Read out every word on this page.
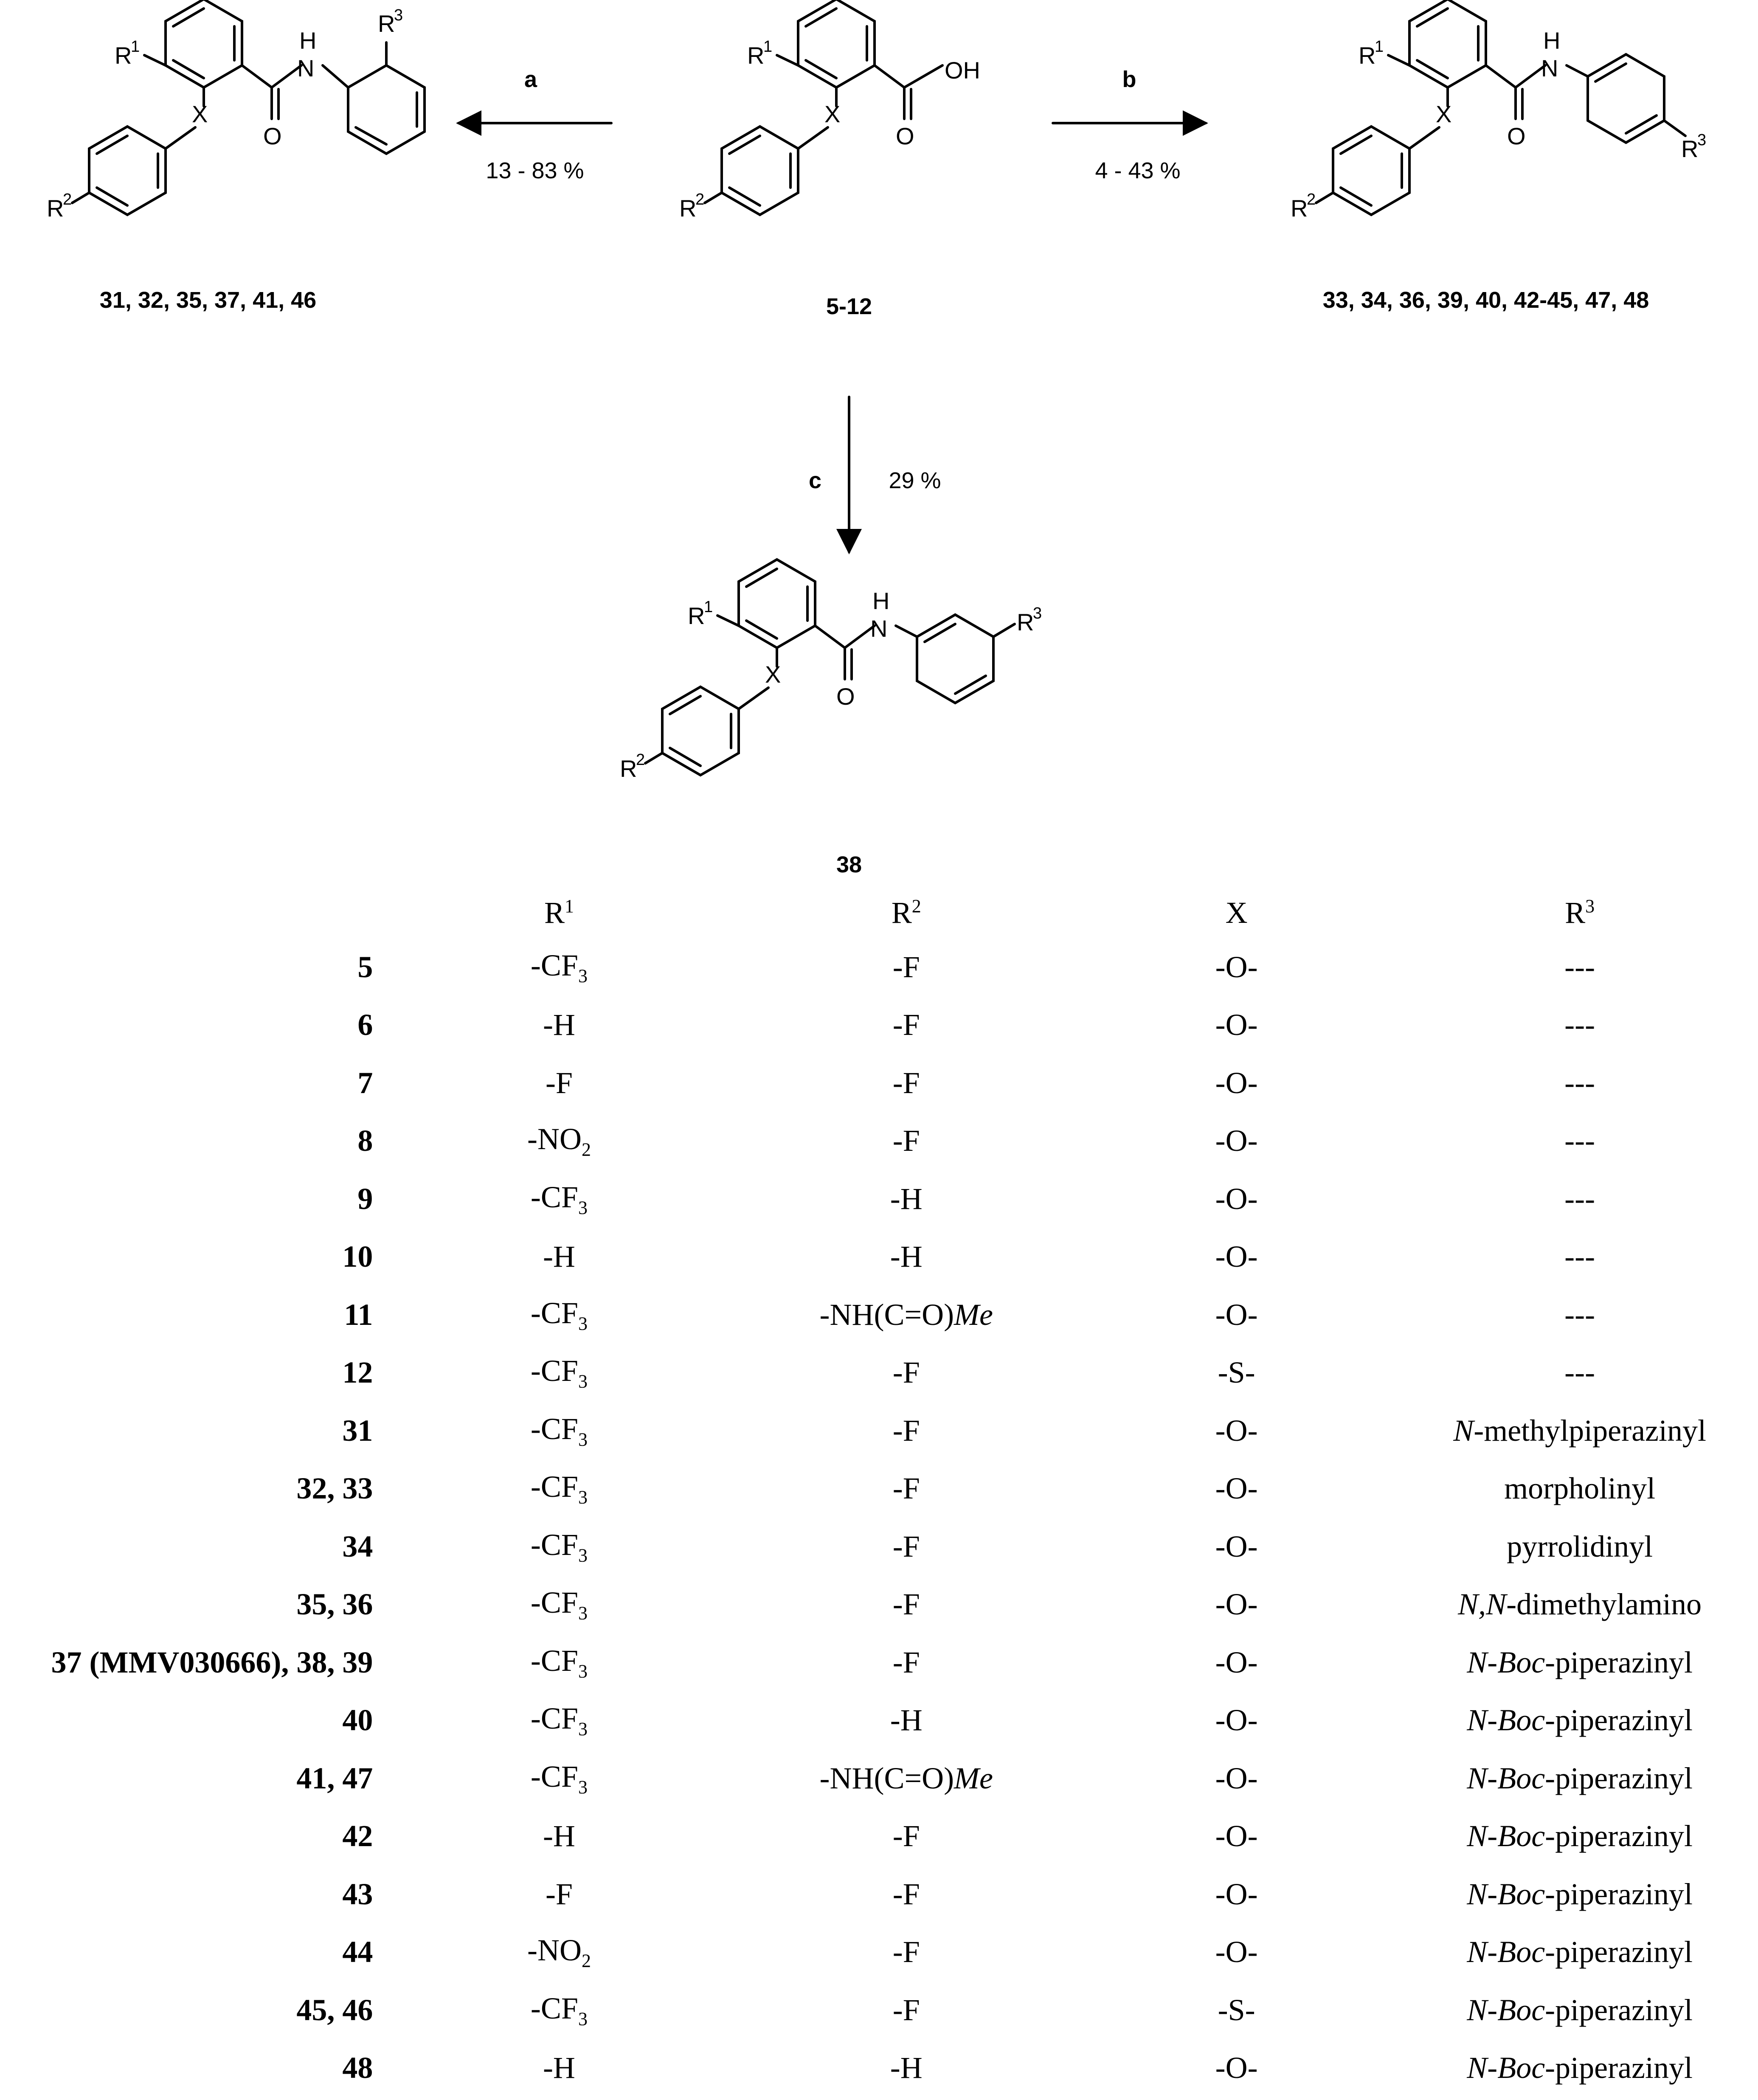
a
13 - 83 %
b
4 - 43 %
c	29 %
OH
O
X
R
1
R
2
N
H
R
3
O
X
R
1
R
2
N
H
R
3
O
X
R
1
R
2
N
H
R
3
O
X
R
1
R
2
31, 32, 35, 37, 41, 46	5-12	33, 34, 36, 39, 40, 42-45, 47, 48
38
	$R^1$	$R^2$	X	$R^3$
5	$-CF_3$	-F	-O-	---
6	-H	-F	-O-	---
7	-F	-F	-O-	---
8	$-NO_2$	-F	-O-	---
9	$-CF_3$	-H	-O-	---
10	-H	-H	-O-	---
11	$-CF_3$	-NH(C=O)Me	-O-	---
12	$-CF_3$	-F	-S-	---
31	$-CF_3$	-F	-O-	N-methylpiperazinyl
32, 33	$-CF_3$	-F	-O-	morpholinyl
34	$-CF_3$	-F	-O-	pyrrolidinyl
35, 36	$-CF_3$	-F	-O-	N,N-dimethylamino
37 (MMV030666), 38, 39	$-CF_3$	-F	-O-	N-Boc-piperazinyl
40	$-CF_3$	-H	-O-	N-Boc-piperazinyl
41, 47	$-CF_3$	-NH(C=O)Me	-O-	N-Boc-piperazinyl
42	-H	-F	-O-	N-Boc-piperazinyl
43	-F	-F	-O-	N-Boc-piperazinyl
44	$-NO_2$	-F	-O-	N-Boc-piperazinyl
45, 46	$-CF_3$	-F	-S-	N-Boc-piperazinyl
48	-H	-H	-O-	N-Boc-piperazinyl
